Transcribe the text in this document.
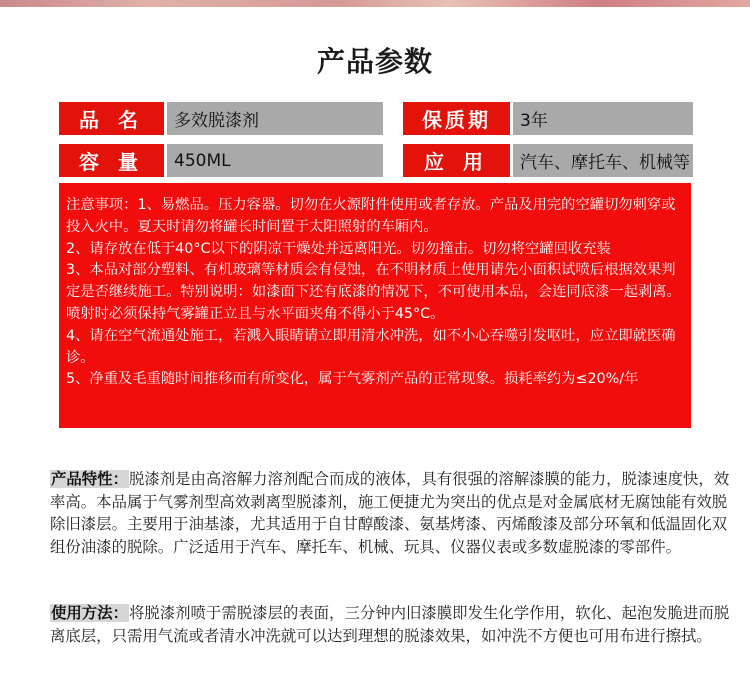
产品参数
品 名	多效脱漆剂	保质期	3年
容 量	450ML	应 用	汽车、摩托车、机械等

注意事项：1、易燃品。压力容器。切勿在火源附件使用或者存放。产品及用完的空罐切勿刺穿或投入火中。夏天时请勿将罐长时间置于太阳照射的车厢内。

2、请存放在低于40°C以下的阴凉干燥处并远离阳光。切勿撞击。切勿将空罐回收充装

3、本品对部分塑料、有机玻璃等材质会有侵蚀，在不明材质上使用请先小面积试喷后根据效果判定是否继续施工。特别说明：如漆面下还有底漆的情况下，不可使用本品，会连同底漆一起剥离。喷射时必须保持气雾罐正立且与水平面夹角不得小于45°C。

4、请在空气流通处施工，若溅入眼睛请立即用清水冲洗，如不小心吞噬引发呕吐，应立即就医确诊。

5、净重及毛重随时间推移而有所变化，属于气雾剂产品的正常现象。损耗率约为≤20%/年

产品特性：脱漆剂是由高溶解力溶剂配合而成的液体，具有很强的溶解漆膜的能力，脱漆速度快，效率高。本品属于气雾剂型高效剥离型脱漆剂，施工便捷尤为突出的优点是对金属底材无腐蚀能有效脱除旧漆层。主要用于油基漆，尤其适用于自甘醇酸漆、氨基烤漆、丙烯酸漆及部分环氧和低温固化双组份油漆的脱除。广泛适用于汽车、摩托车、机械、玩具、仪器仪表或多数虚脱漆的零部件。
使用方法：将脱漆剂喷于需脱漆层的表面，三分钟内旧漆膜即发生化学作用，软化、起泡发脆进而脱离底层，只需用气流或者清水冲洗就可以达到理想的脱漆效果，如冲洗不方便也可用布进行擦拭。
